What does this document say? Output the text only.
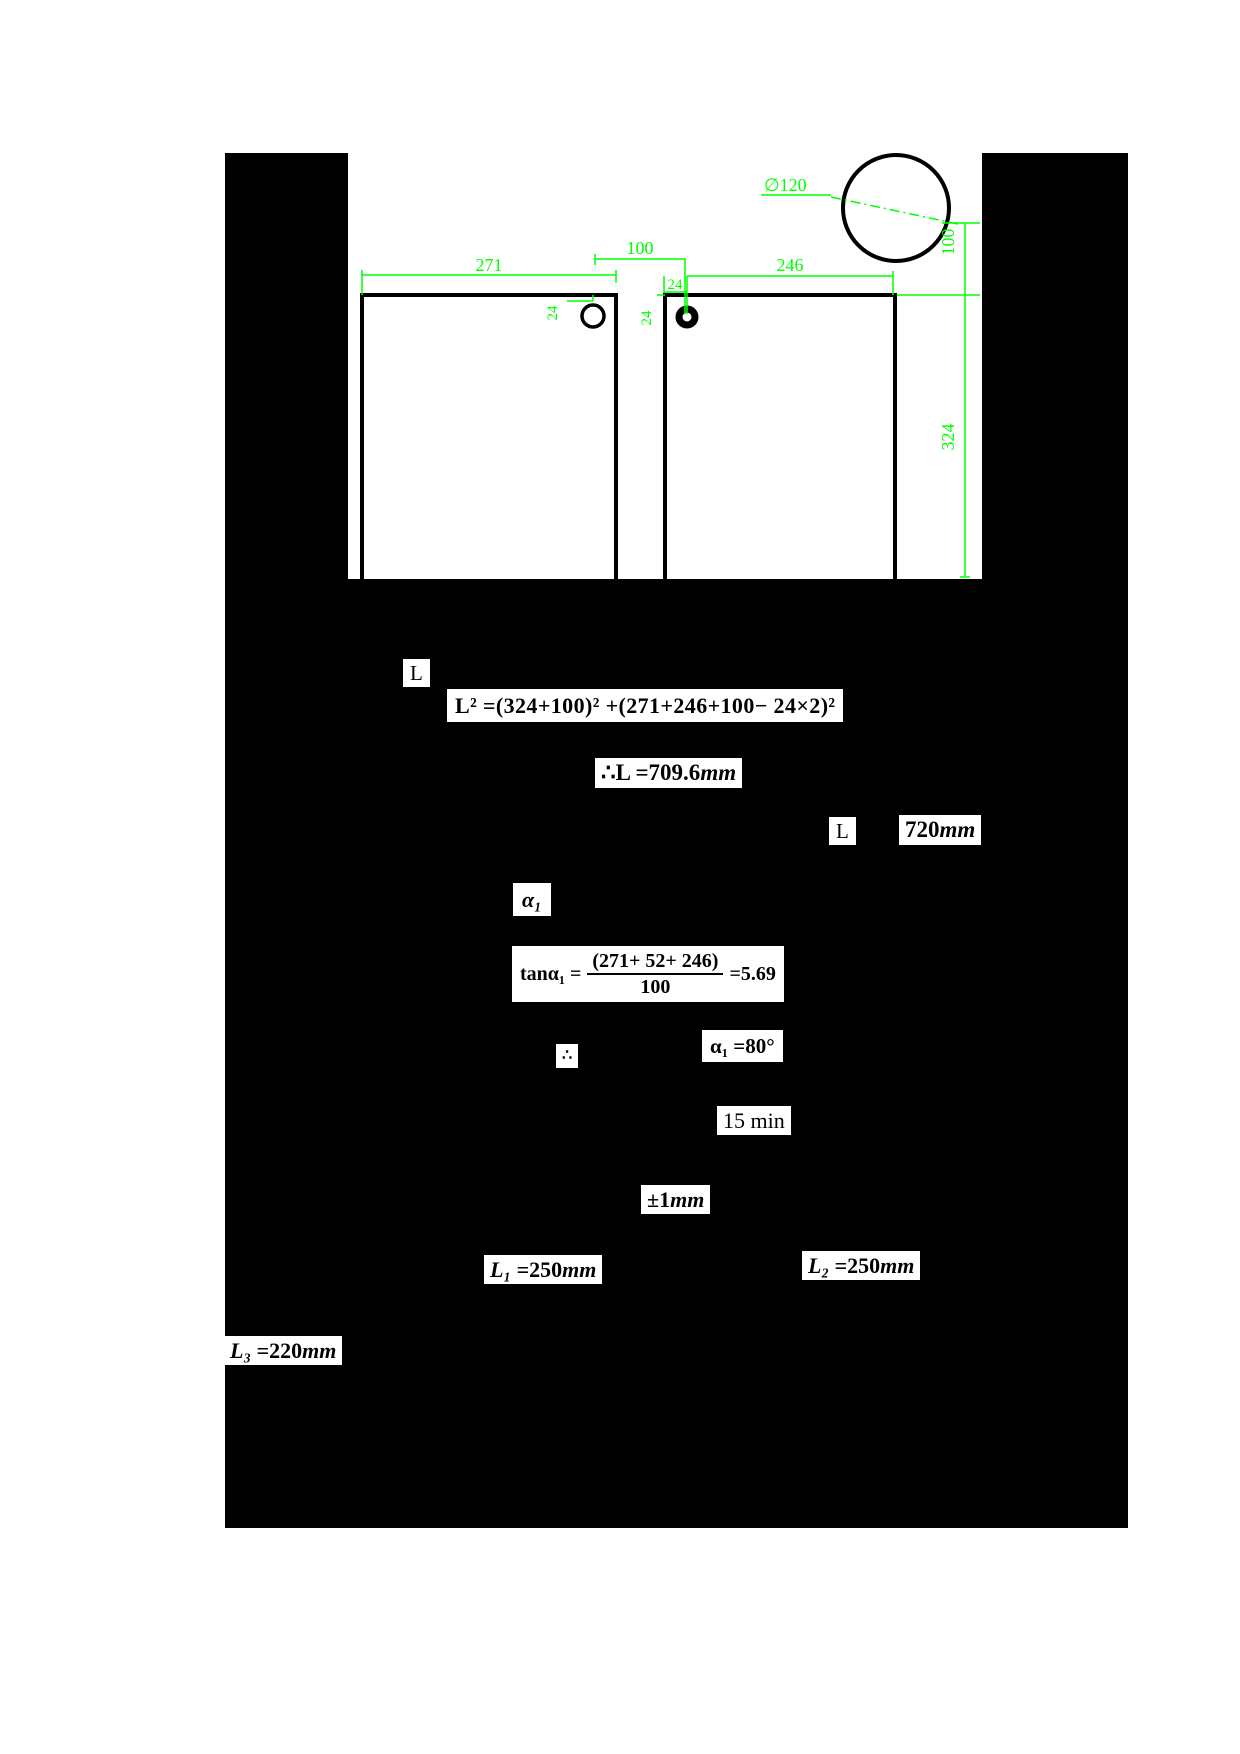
∅120
271
100
246
24
24
24
100
324
L
L² =(324+100)² +(271+246+100− 24×2)²
∴L =709.6mm
L	720mm
α₁
$\tan\alpha_1 = \frac{(271+ 52+ 246)}{100} =5.69$
∴	α₁ =80°
15 min
±1mm
L₁ =250mm	L₂ =250mm
L₃ =220mm
